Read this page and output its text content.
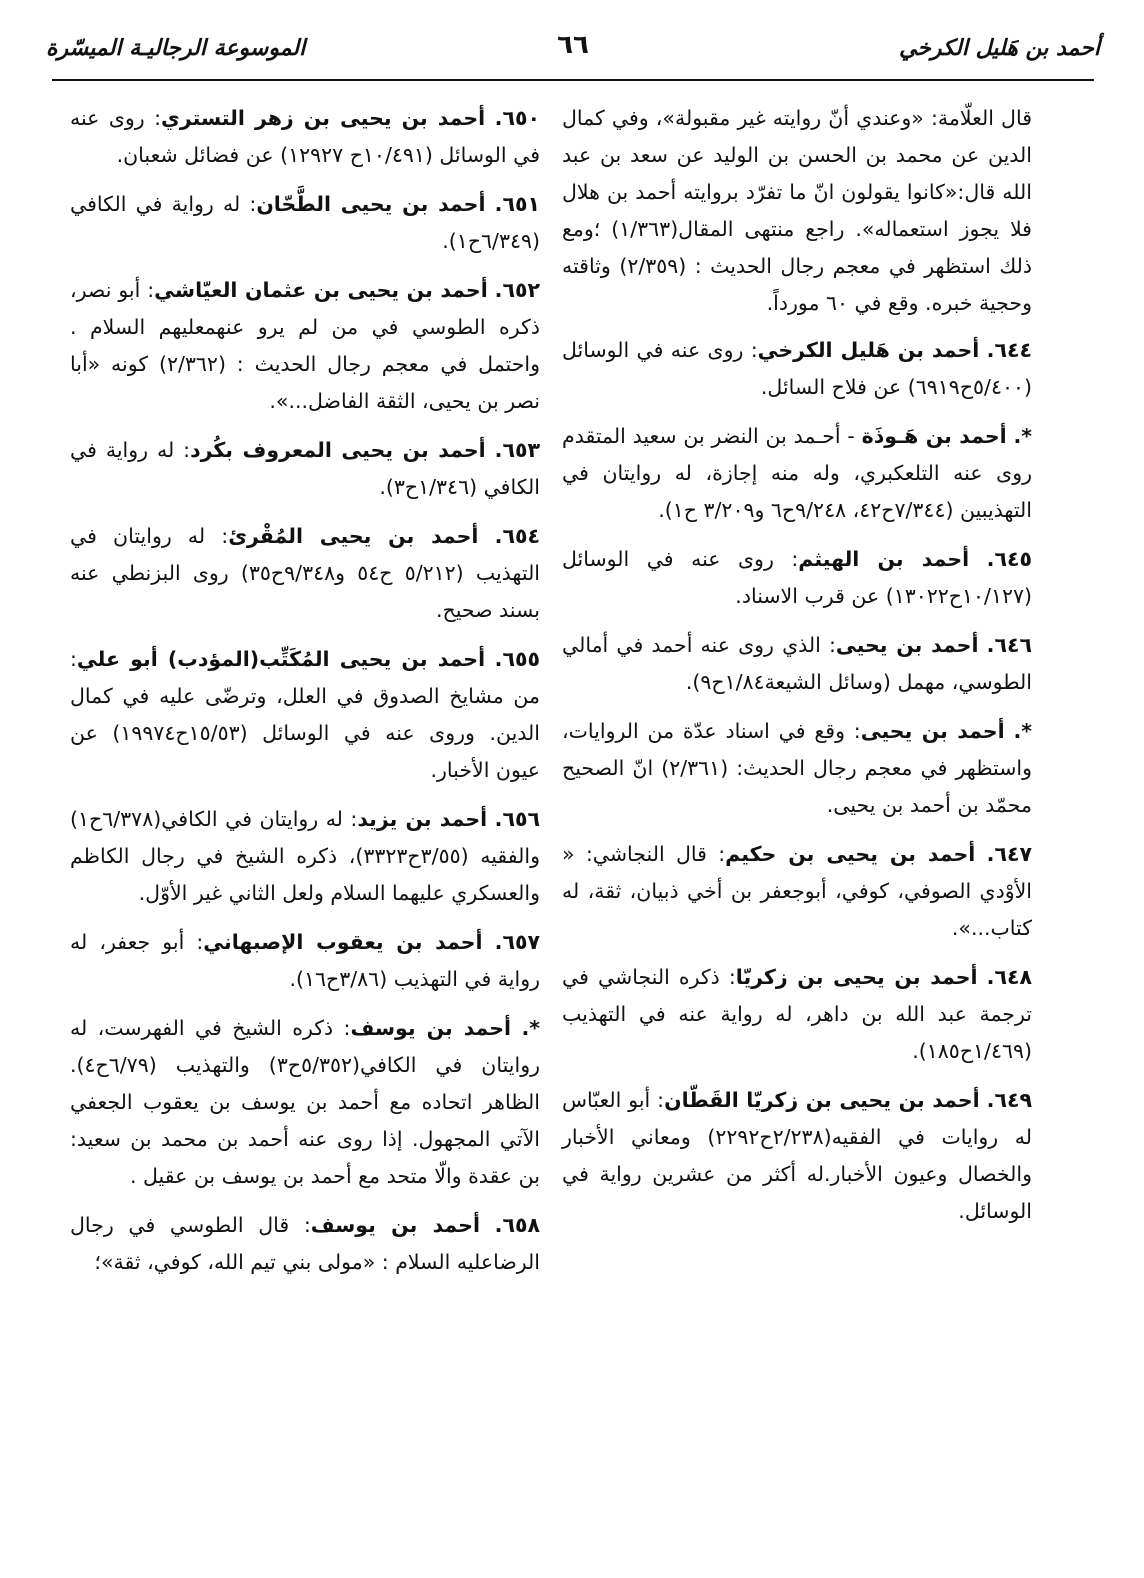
أحمد بن هَليل الكرخي
٦٦
الموسوعة الرجاليـة الميسّرة

قال العلّامة: «وعندي أنّ روايته غير مقبولة»، وفي كمال الدين عن محمد بن الحسن بن الوليد عن سعد بن عبد الله قال:«كانوا يقولون انّ ما تفرّد بروايته أحمد بن هلال فلا يجوز استعماله». راجع منتهى المقال(١/٣٦٣) ؛ومع ذلك استظهر في معجم رجال الحديث : (٢/٣٥٩) وثاقته وحجية خبره. وقع في ٦٠ مورداً.

٦٤٤. أحمد بن هَليل الكرخي: روى عنه في الوسائل (٥/٤٠٠ح٦٩١٩) عن فلاح السائل.

*. أحمد بن هَـوذَة - أحـمد بن النضر بن سعيد المتقدم روى عنه التلعكبري، وله منه إجازة، له روايتان في التهذيبين (٧/٣٤٤ح٤٢، ٩/٢٤٨ح٦ و٣/٢٠٩ ح١).

٦٤٥. أحمد بن الهيثم: روى عنه في الوسائل (١٠/١٢٧ح١٣٠٢٢) عن قرب الاسناد.

٦٤٦. أحمد بن يحيى: الذي روى عنه أحمد في أمالي الطوسي، مهمل (وسائل الشيعة١/٨٤ح٩).

*. أحمد بن يحيى: وقع في اسناد عدّة من الروايات، واستظهر في معجم رجال الحديث: (٢/٣٦١) انّ الصحيح محمّد بن أحمد بن يحيى.

٦٤٧. أحمد بن يحيى بن حكيم: قال النجاشي: « الأوْدي الصوفي، كوفي، أبوجعفر بن أخي ذبيان، ثقة، له كتاب...».

٦٤٨. أحمد بن يحيى بن زكريّا: ذكره النجاشي في ترجمة عبد الله بن داهر، له رواية عنه في التهذيب (١/٤٦٩ح١٨٥).

٦٤٩. أحمد بن يحيى بن زكريّا القَطّان: أبو العبّاس له روايات في الفقيه(٢/٢٣٨ح٢٢٩٢) ومعاني الأخبار والخصال وعيون الأخبار.له أكثر من عشرين رواية في الوسائل.

٦٥٠. أحمد بن يحيى بن زهر التستري: روى عنه في الوسائل (١٠/٤٩١ح ١٢٩٢٧) عن فضائل شعبان.

٦٥١. أحمد بن يحيى الطَّحّان: له رواية في الكافي (٦/٣٤٩ح١).

٦٥٢. أحمد بن يحيى بن عثمان العيّاشي: أبو نصر، ذكره الطوسي في من لم يرو عنهم‏عليهم السلام . واحتمل في معجم رجال الحديث : (٢/٣٦٢) كونه «أبا نصر بن يحيى، الثقة الفاضل...».

٦٥٣. أحمد بن يحيى المعروف بكُرد: له رواية في الكافي (١/٣٤٦ح٣).

٦٥٤. أحمد بن يحيى المُقْرئ: له روايتان في التهذيب (٥/٢١٢ ح٥٤ و٩/٣٤٨ح٣٥) روى البزنطي عنه بسند صحيح.

٦٥٥. أحمد بن يحيى المُكَتِّب(المؤدب) أبو علي: من مشايخ الصدوق في العلل، وترضّى عليه في كمال الدين. وروى عنه في الوسائل (١٥/٥٣ح١٩٩٧٤) عن عيون الأخبار.

٦٥٦. أحمد بن يزيد: له روايتان في الكافي(٦/٣٧٨ح١) والفقيه (٣/٥٥ح٣٣٢٣)، ذكره الشيخ في رجال الكاظم والعسكري عليهما السلام ولعل الثاني غير الأوّل.

٦٥٧. أحمد بن يعقوب الإصبهاني: أبو جعفر، له رواية في التهذيب (٣/٨٦ح١٦).

*. أحمد بن يوسف: ذكره الشيخ في الفهرست، له روايتان في الكافي(٥/٣٥٢ح٣) والتهذيب (٦/٧٩ح٤). الظاهر اتحاده مع أحمد بن يوسف بن يعقوب الجعفي الآتي المجهول. إذا روى عنه أحمد بن محمد بن سعيد: بن عقدة والّا متحد مع أحمد بن يوسف بن عقيل .

٦٥٨. أحمد بن يوسف: قال الطوسي في رجال الرضاعليه السلام : «مولى بني تيم الله، كوفي، ثقة»؛
